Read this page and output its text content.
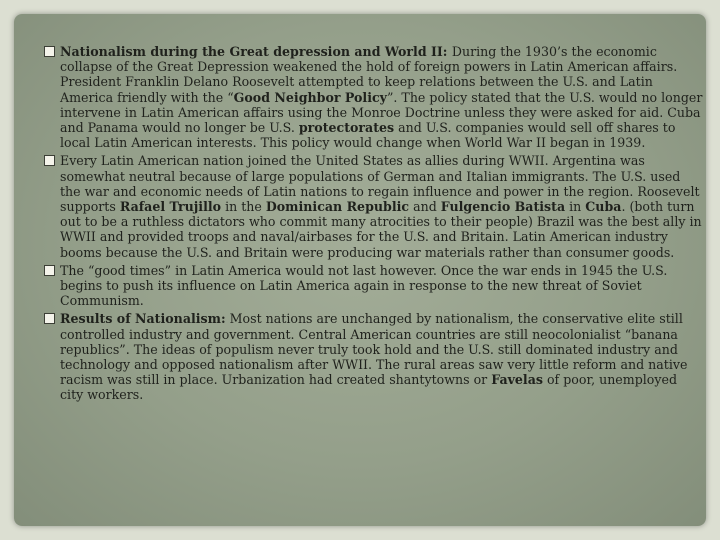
Nationalism during the Great depression and World II: During the 1930’s the economic collapse of the Great Depression weakened the hold of foreign powers in Latin American affairs. President Franklin Delano Roosevelt attempted to keep relations between the U.S. and Latin America friendly with the “Good Neighbor Policy”. The policy stated that the U.S. would no longer intervene in Latin American affairs using the Monroe Doctrine unless they were asked for aid. Cuba and Panama would no longer be U.S. protectorates and U.S. companies would sell off shares to local Latin American interests. This policy would change when World War II began in 1939.
Every Latin American nation joined the United States as allies during WWII. Argentina was somewhat neutral because of large populations of German and Italian immigrants. The U.S. used the war and economic needs of Latin nations to regain influence and power in the region. Roosevelt supports Rafael Trujillo in the Dominican Republic and Fulgencio Batista in Cuba. (both turn out to be a ruthless dictators who commit many atrocities to their people) Brazil was the best ally in WWII and provided troops and naval/airbases for the U.S. and Britain. Latin American industry booms because the U.S. and Britain were producing war materials rather than consumer goods.
The “good times” in Latin America would not last however. Once the war ends in 1945 the U.S. begins to push its influence on Latin America again in response to the new threat of Soviet Communism.
Results of Nationalism: Most nations are unchanged by nationalism, the conservative elite still controlled industry and government. Central American countries are still neocolonialist “banana republics”. The ideas of populism never truly took hold and the U.S. still dominated industry and technology and opposed nationalism after WWII. The rural areas saw very little reform and native racism was still in place. Urbanization had created shantytowns or Favelas of poor, unemployed city workers.
